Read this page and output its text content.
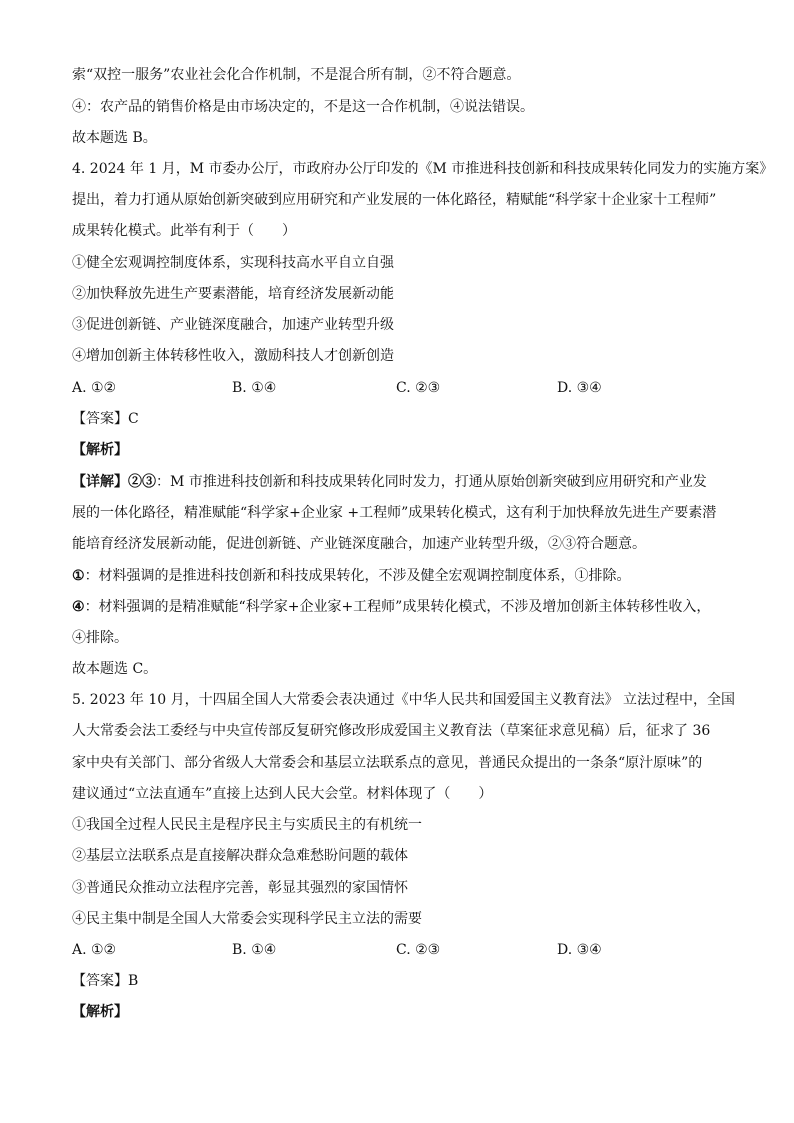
索“双控一服务”农业社会化合作机制，不是混合所有制，②不符合题意。
④：农产品的销售价格是由市场决定的，不是这一合作机制，④说法错误。
故本题选 B。
4. 2024 年 1 月，M 市委办公厅，市政府办公厅印发的《M 市推进科技创新和科技成果转化同发力的实施方案》
提出，着力打通从原始创新突破到应用研究和产业发展的一体化路径，精赋能“科学家十企业家十工程师”
成果转化模式。此举有利于（　　）
①健全宏观调控制度体系，实现科技高水平自立自强
②加快释放先进生产要素潜能，培育经济发展新动能
③促进创新链、产业链深度融合，加速产业转型升级
④增加创新主体转移性收入，激励科技人才创新创造
A. ①②	B. ①④	C. ②③	D. ③④
【答案】C
【解析】
【详解】②③：M 市推进科技创新和科技成果转化同时发力，打通从原始创新突破到应用研究和产业发
展的一体化路径，精准赋能“科学家+企业家 +工程师”成果转化模式，这有利于加快释放先进生产要素潜
能培育经济发展新动能，促进创新链、产业链深度融合，加速产业转型升级，②③符合题意。
①：材料强调的是推进科技创新和科技成果转化，不涉及健全宏观调控制度体系，①排除。
④：材料强调的是精准赋能“科学家+企业家+工程师”成果转化模式，不涉及增加创新主体转移性收入，
④排除。
故本题选 C。
5. 2023 年 10 月，十四届全国人大常委会表决通过《中华人民共和国爱国主义教育法》 立法过程中，全国
人大常委会法工委经与中央宣传部反复研究修改形成爱国主义教育法（草案征求意见稿）后，征求了 36
家中央有关部门、部分省级人大常委会和基层立法联系点的意见，普通民众提出的一条条“原汁原味”的
建议通过“立法直通车”直接上达到人民大会堂。材料体现了（　　）
①我国全过程人民民主是程序民主与实质民主的有机统一
②基层立法联系点是直接解决群众急难愁盼问题的载体
③普通民众推动立法程序完善，彰显其强烈的家国情怀
④民主集中制是全国人大常委会实现科学民主立法的需要
A. ①②	B. ①④	C. ②③	D. ③④
【答案】B
【解析】
